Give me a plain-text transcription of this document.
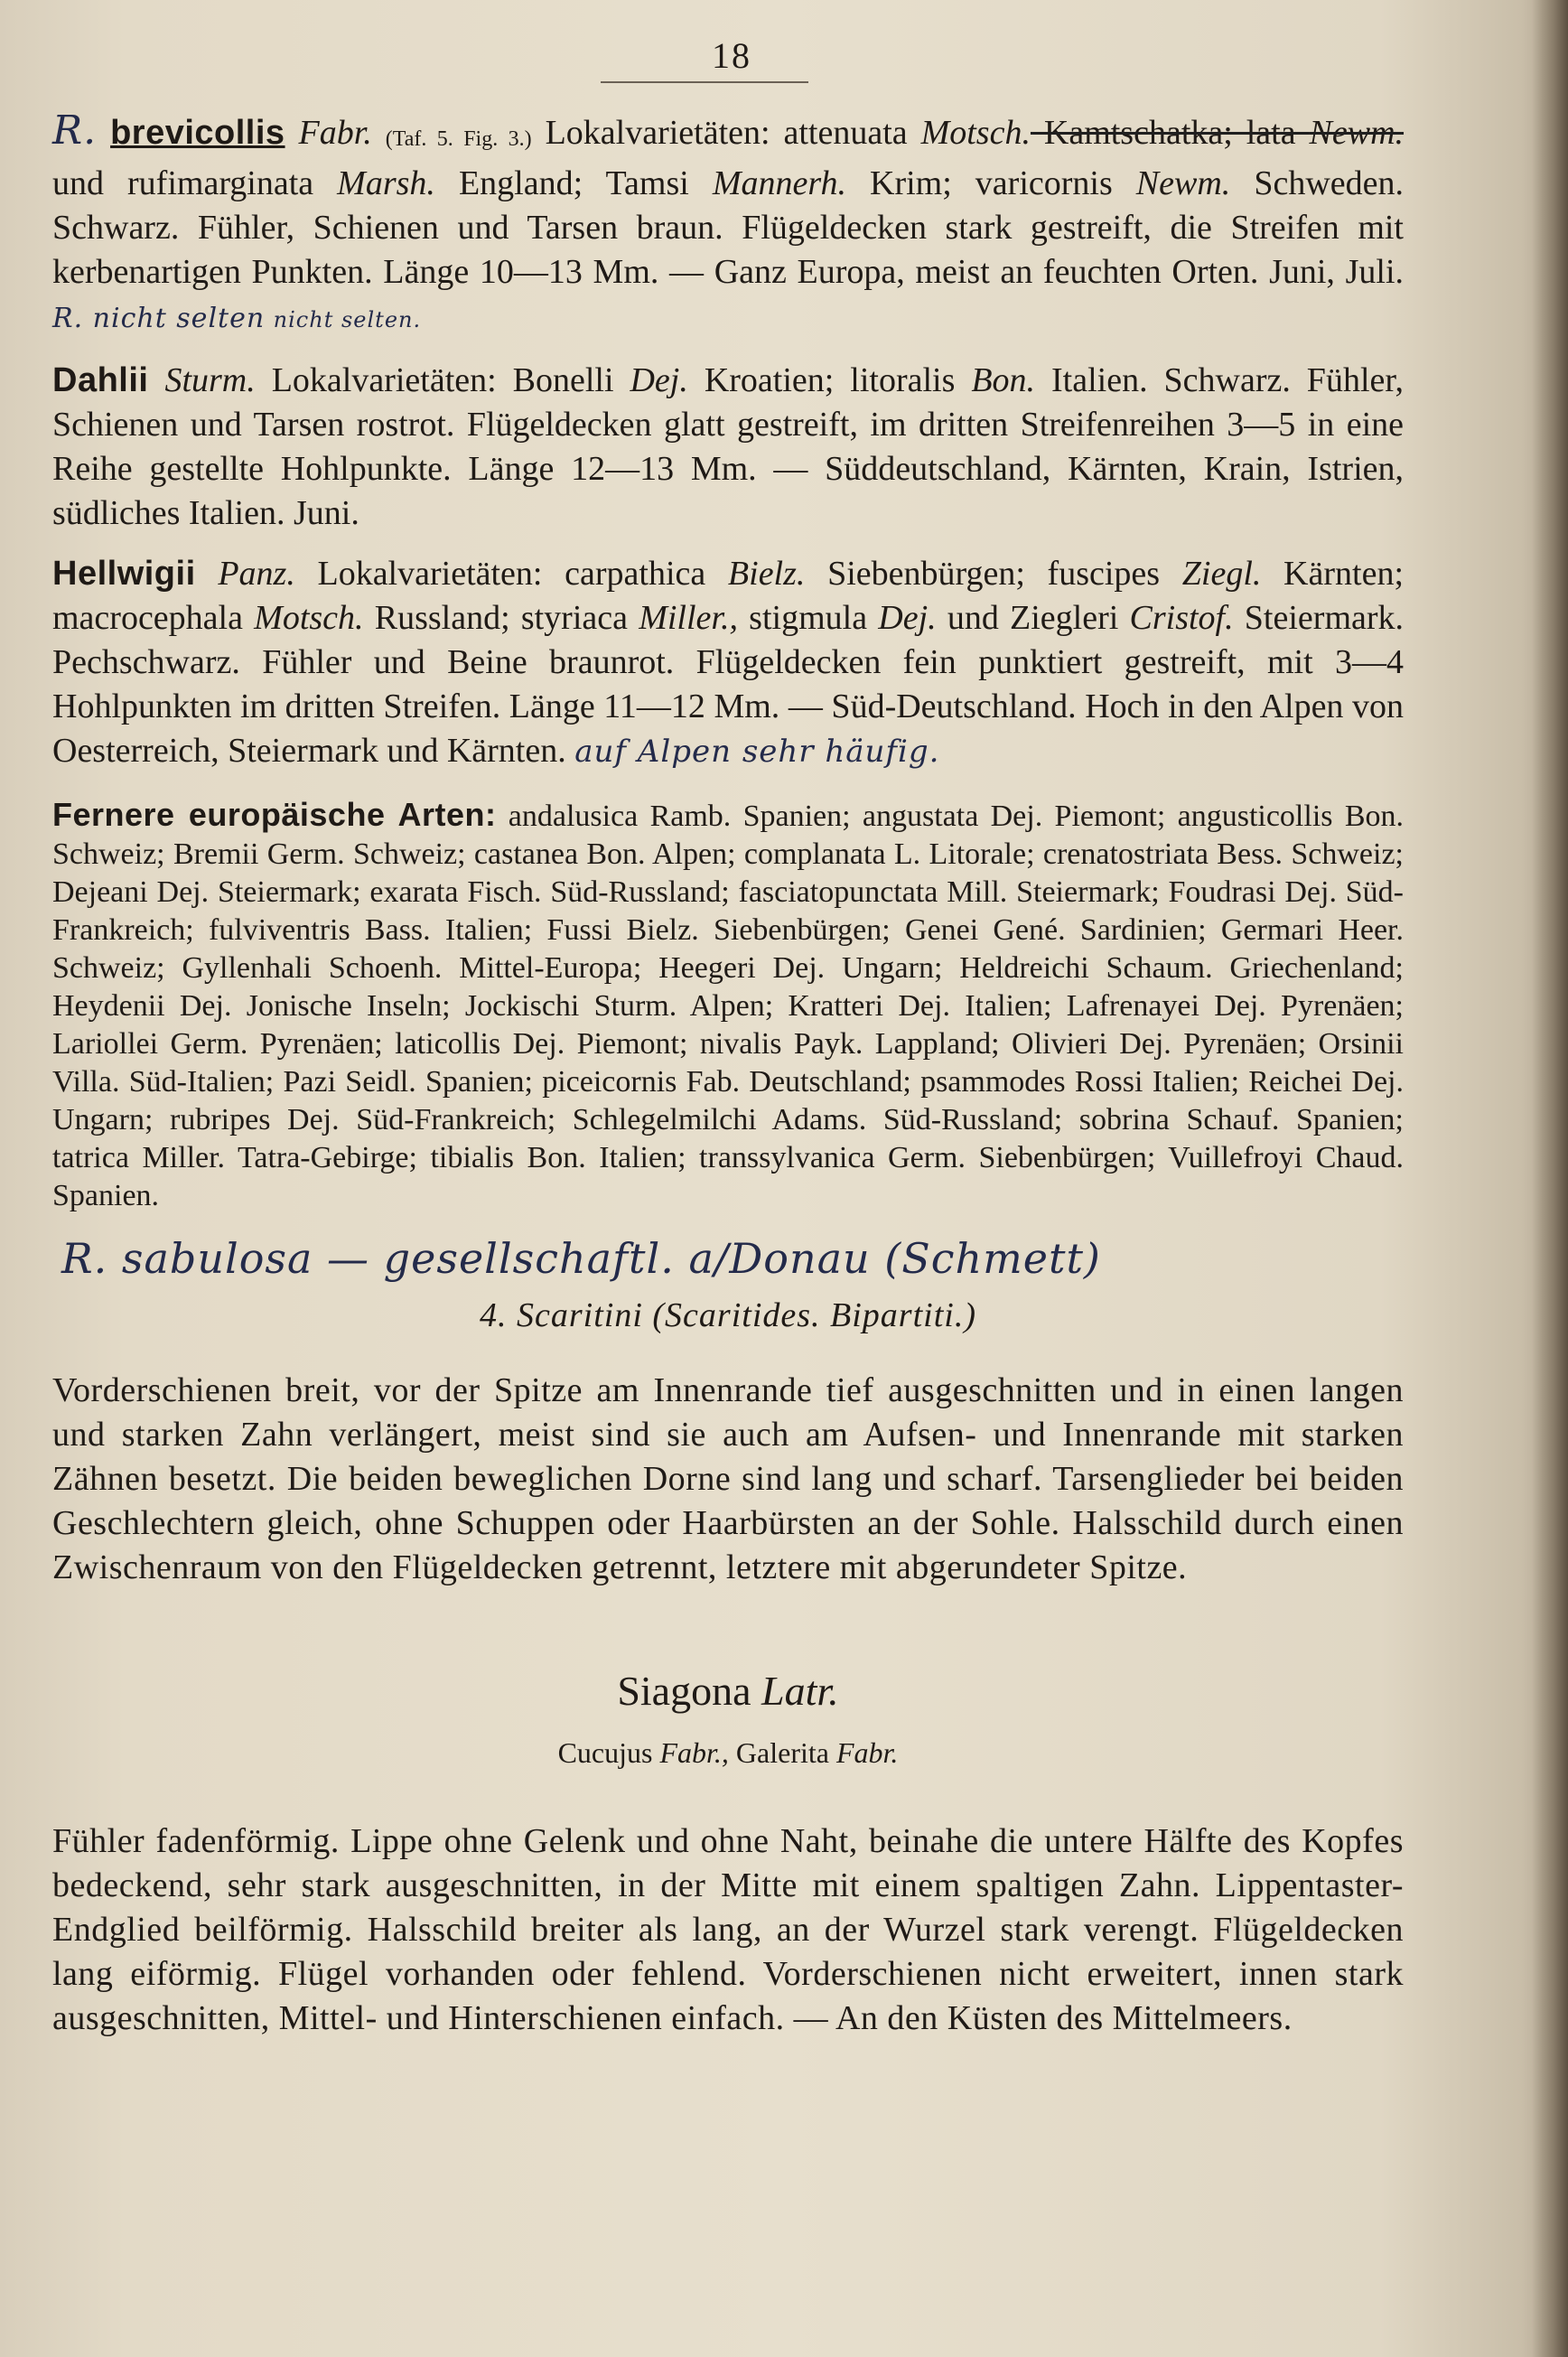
18

R. brevicollis Fabr. (Taf. 5. Fig. 3.) Lokalvarietäten: attenuata Motsch. Kamtschatka; lata Newm. und rufimarginata Marsh. England; Tamsi Mannerh. Krim; varicornis Newm. Schweden. Schwarz. Fühler, Schienen und Tarsen braun. Flügeldecken stark gestreift, die Streifen mit kerbenartigen Punkten. Länge 10—13 Mm. — Ganz Europa, meist an feuchten Orten. Juni, Juli. R. nicht selten nicht selten.

Dahlii Sturm. Lokalvarietäten: Bonelli Dej. Kroatien; litoralis Bon. Italien. Schwarz. Fühler, Schienen und Tarsen rostrot. Flügeldecken glatt gestreift, im dritten Streifenreihen 3—5 in eine Reihe gestellte Hohlpunkte. Länge 12—13 Mm. — Süddeutschland, Kärnten, Krain, Istrien, südliches Italien. Juni.

Hellwigii Panz. Lokalvarietäten: carpathica Bielz. Siebenbürgen; fuscipes Ziegl. Kärnten; macrocephala Motsch. Russland; styriaca Miller., stigmula Dej. und Ziegleri Cristof. Steiermark. Pechschwarz. Fühler und Beine braunrot. Flügeldecken fein punktiert gestreift, mit 3—4 Hohlpunkten im dritten Streifen. Länge 11—12 Mm. — Süd-Deutschland. Hoch in den Alpen von Oesterreich, Steiermark und Kärnten. auf Alpen sehr häufig.

Fernere europäische Arten: andalusica Ramb. Spanien; angustata Dej. Piemont; angusticollis Bon. Schweiz; Bremii Germ. Schweiz; castanea Bon. Alpen; complanata L. Litorale; crenatostriata Bess. Schweiz; Dejeani Dej. Steiermark; exarata Fisch. Süd-Russland; fasciatopunctata Mill. Steiermark; Foudrasi Dej. Süd-Frankreich; fulviventris Bass. Italien; Fussi Bielz. Siebenbürgen; Genei Gené. Sardinien; Germari Heer. Schweiz; Gyllenhali Schoenh. Mittel-Europa; Heegeri Dej. Ungarn; Heldreichi Schaum. Griechenland; Heydenii Dej. Jonische Inseln; Jockischi Sturm. Alpen; Kratteri Dej. Italien; Lafrenayei Dej. Pyrenäen; Lariollei Germ. Pyrenäen; laticollis Dej. Piemont; nivalis Payk. Lappland; Olivieri Dej. Pyrenäen; Orsinii Villa. Süd-Italien; Pazi Seidl. Spanien; piceicornis Fab. Deutschland; psammodes Rossi Italien; Reichei Dej. Ungarn; rubripes Dej. Süd-Frankreich; Schlegelmilchi Adams. Süd-Russland; sobrina Schauf. Spanien; tatrica Miller. Tatra-Gebirge; tibialis Bon. Italien; transsylvanica Germ. Siebenbürgen; Vuillefroyi Chaud. Spanien.

R. sabulosa — gesellschaftl. a/Donau (Schmett)
4. Scaritini (Scaritides. Bipartiti.)

Vorderschienen breit, vor der Spitze am Innenrande tief ausgeschnitten und in einen langen und starken Zahn verlängert, meist sind sie auch am Aufsen- und Innenrande mit starken Zähnen besetzt. Die beiden beweglichen Dorne sind lang und scharf. Tarsenglieder bei beiden Geschlechtern gleich, ohne Schuppen oder Haarbürsten an der Sohle. Halsschild durch einen Zwischenraum von den Flügeldecken getrennt, letztere mit abgerundeter Spitze.

Siagona Latr.
Cucujus Fabr., Galerita Fabr.

Fühler fadenförmig. Lippe ohne Gelenk und ohne Naht, beinahe die untere Hälfte des Kopfes bedeckend, sehr stark ausgeschnitten, in der Mitte mit einem spaltigen Zahn. Lippentaster-Endglied beilförmig. Halsschild breiter als lang, an der Wurzel stark verengt. Flügeldecken lang eiförmig. Flügel vorhanden oder fehlend. Vorderschienen nicht erweitert, innen stark ausgeschnitten, Mittel- und Hinterschienen einfach. — An den Küsten des Mittelmeers.
